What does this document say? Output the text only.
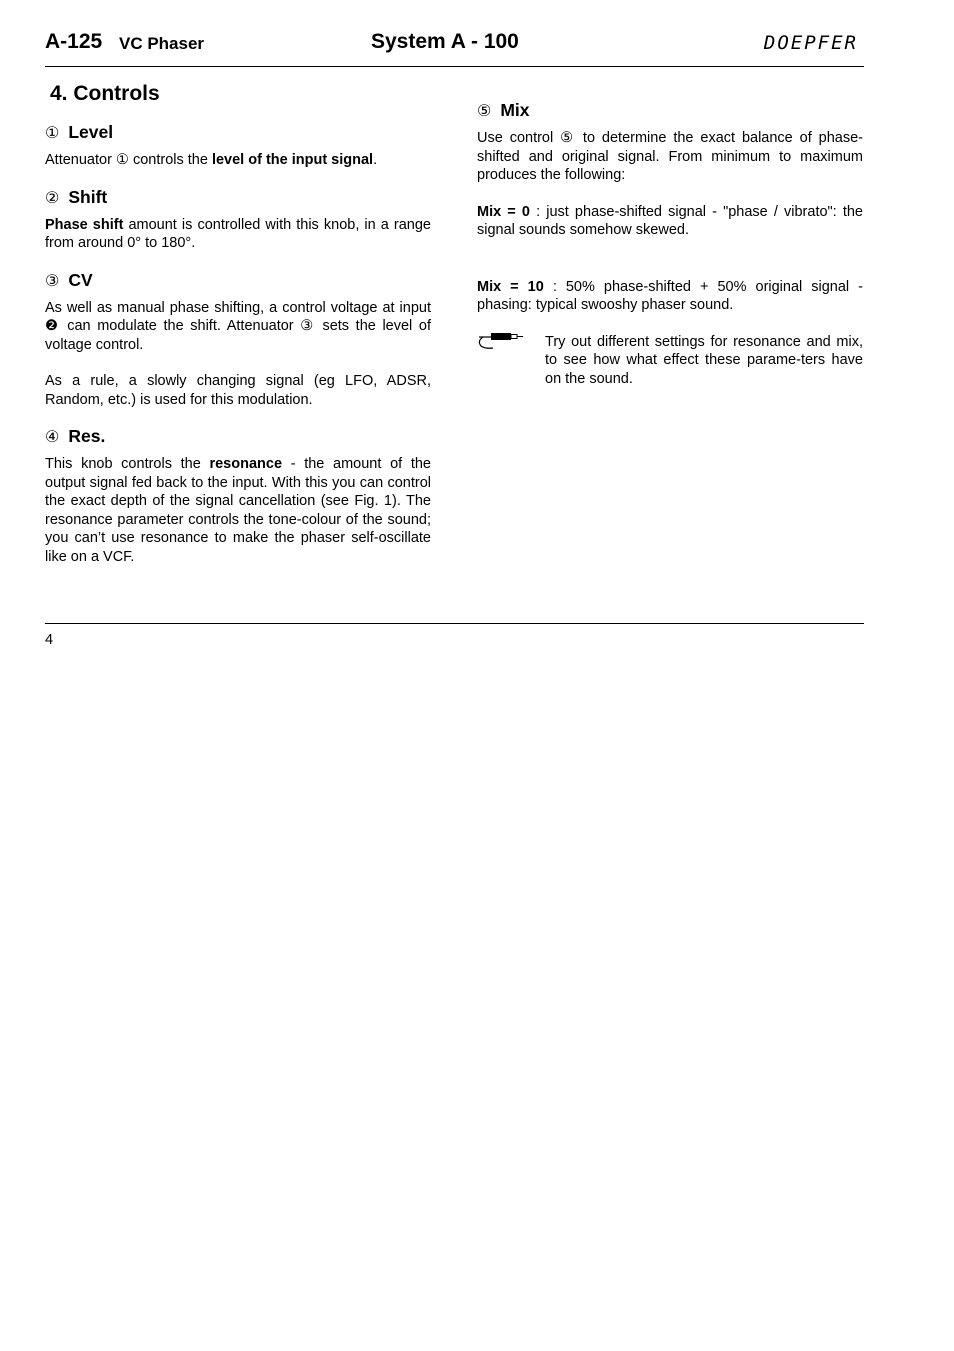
A-125 VC Phaser	System A - 100	DOEPFER
4. Controls
① Level

Attenuator ① controls the level of the input signal.

② Shift

Phase shift amount is controlled with this knob, in a range from around 0° to 180°.

③ CV

As well as manual phase shifting, a control voltage at input ❷ can modulate the shift. Attenuator ③ sets the level of voltage control.

As a rule, a slowly changing signal (eg LFO, ADSR, Random, etc.) is used for this modulation.

④ Res.

This knob controls the resonance - the amount of the output signal fed back to the input. With this you can control the exact depth of the signal cancellation (see Fig. 1). The resonance parameter controls the tone-colour of the sound; you can’t use resonance to make the phaser self-oscillate like on a VCF.

⑤ Mix

Use control ⑤ to determine the exact balance of phase-shifted and original signal. From minimum to maximum produces the following:

Mix = 0 : just phase-shifted signal - "phase / vibrato": the signal sounds somehow skewed.

Mix = 10 : 50% phase-shifted + 50% original signal - phasing: typical swooshy phaser sound.

Try out different settings for resonance and mix, to see how what effect these parame-ters have on the sound.

4
